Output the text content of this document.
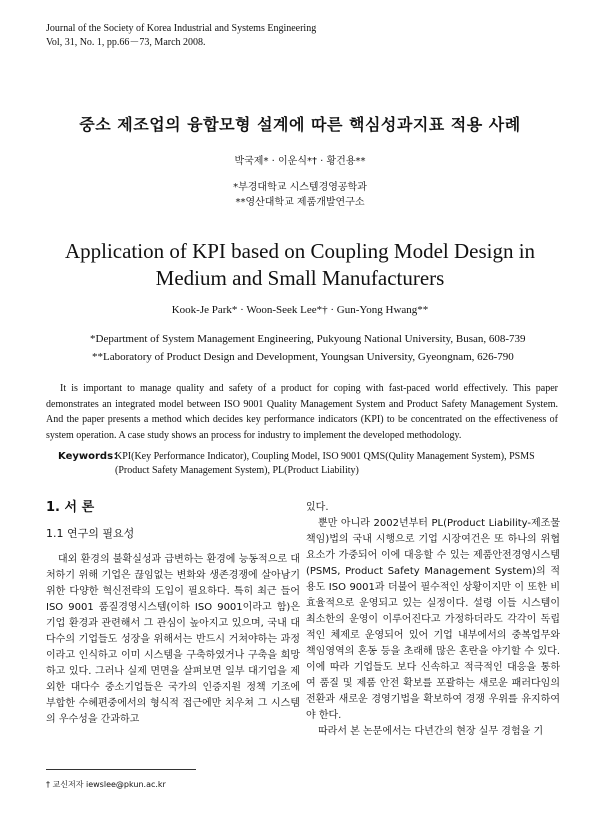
Journal of the Society of Korea Industrial and Systems Engineering
Vol, 31, No. 1, pp.66－73, March 2008.
중소 제조업의 융합모형 설계에 따른 핵심성과지표 적용 사례
박국제* · 이운식*† · 황건용**
*부경대학교 시스템경영공학과
**영산대학교 제품개발연구소
Application of KPI based on Coupling Model Design in
Medium and Small Manufacturers
Kook-Je Park* · Woon-Seek Lee*† · Gun-Yong Hwang**
*Department of System Management Engineering, Pukyoung National University, Busan, 608-739
**Laboratory of Product Design and Development, Youngsan University, Gyeongnam, 626-790
It is important to manage quality and safety of a product for coping with fast-paced world effectively. This paper demonstrates an integrated model between ISO 9001 Quality Management System and Product Safety Management System. And the paper presents a method which decides key performance indicators (KPI) to be concentrated on the effectiveness of system operation. A case study shows an process for industry to implement the developed methodology.
Keywords：
KPI(Key Performance Indicator), Coupling Model, ISO 9001 QMS(Qulity Management System), PSMS (Product Safety Management System), PL(Product Liability)
1. 서 론
1.1 연구의 필요성
대외 환경의 불확실성과 급변하는 환경에 능동적으로 대처하기 위해 기업은 끊임없는 변화와 생존경쟁에 살아남기 위한 다양한 혁신전략의 도입이 필요하다. 특히 최근 들어 ISO 9001 품질경영시스템(이하 ISO 9001이라고 함)은 기업 환경과 관련해서 그 관심이 높아지고 있으며, 국내 대다수의 기업들도 성장을 위해서는 반드시 거쳐야하는 과정이라고 인식하고 이미 시스템을 구축하였거나 구축을 희망하고 있다. 그러나 실제 면면을 살펴보면 일부 대기업을 제외한 대다수 중소기업들은 국가의 인증지원 정책 기조에 부합한 수혜편중에서의 형식적 접근에만 치우쳐 그 시스템의 우수성을 간과하고
있다.
뿐만 아니라 2002년부터 PL(Product Liability-제조물책임)법의 국내 시행으로 기업 시장여건은 또 하나의 위협요소가 가중되어 이에 대응할 수 있는 제품안전경영시스템(PSMS, Product Safety Management System)의 적용도 ISO 9001과 더불어 필수적인 상황이지만 이 또한 비효율적으로 운영되고 있는 실정이다. 설령 이들 시스템이 최소한의 운영이 이루어진다고 가정하더라도 각각이 독립적인 체제로 운영되어 있어 기업 내부에서의 중복업무와 책임영역의 혼동 등을 초래해 많은 혼란을 야기할 수 있다. 이에 따라 기업들도 보다 신속하고 적극적인 대응을 통하여 품질 및 제품 안전 확보를 포괄하는 새로운 패러다임의 전환과 새로운 경영기법을 확보하여 경쟁 우위를 유지하여야 한다.
따라서 본 논문에서는 다년간의 현장 실무 경험을 기
† 교신저자 iewslee@pkun.ac.kr
